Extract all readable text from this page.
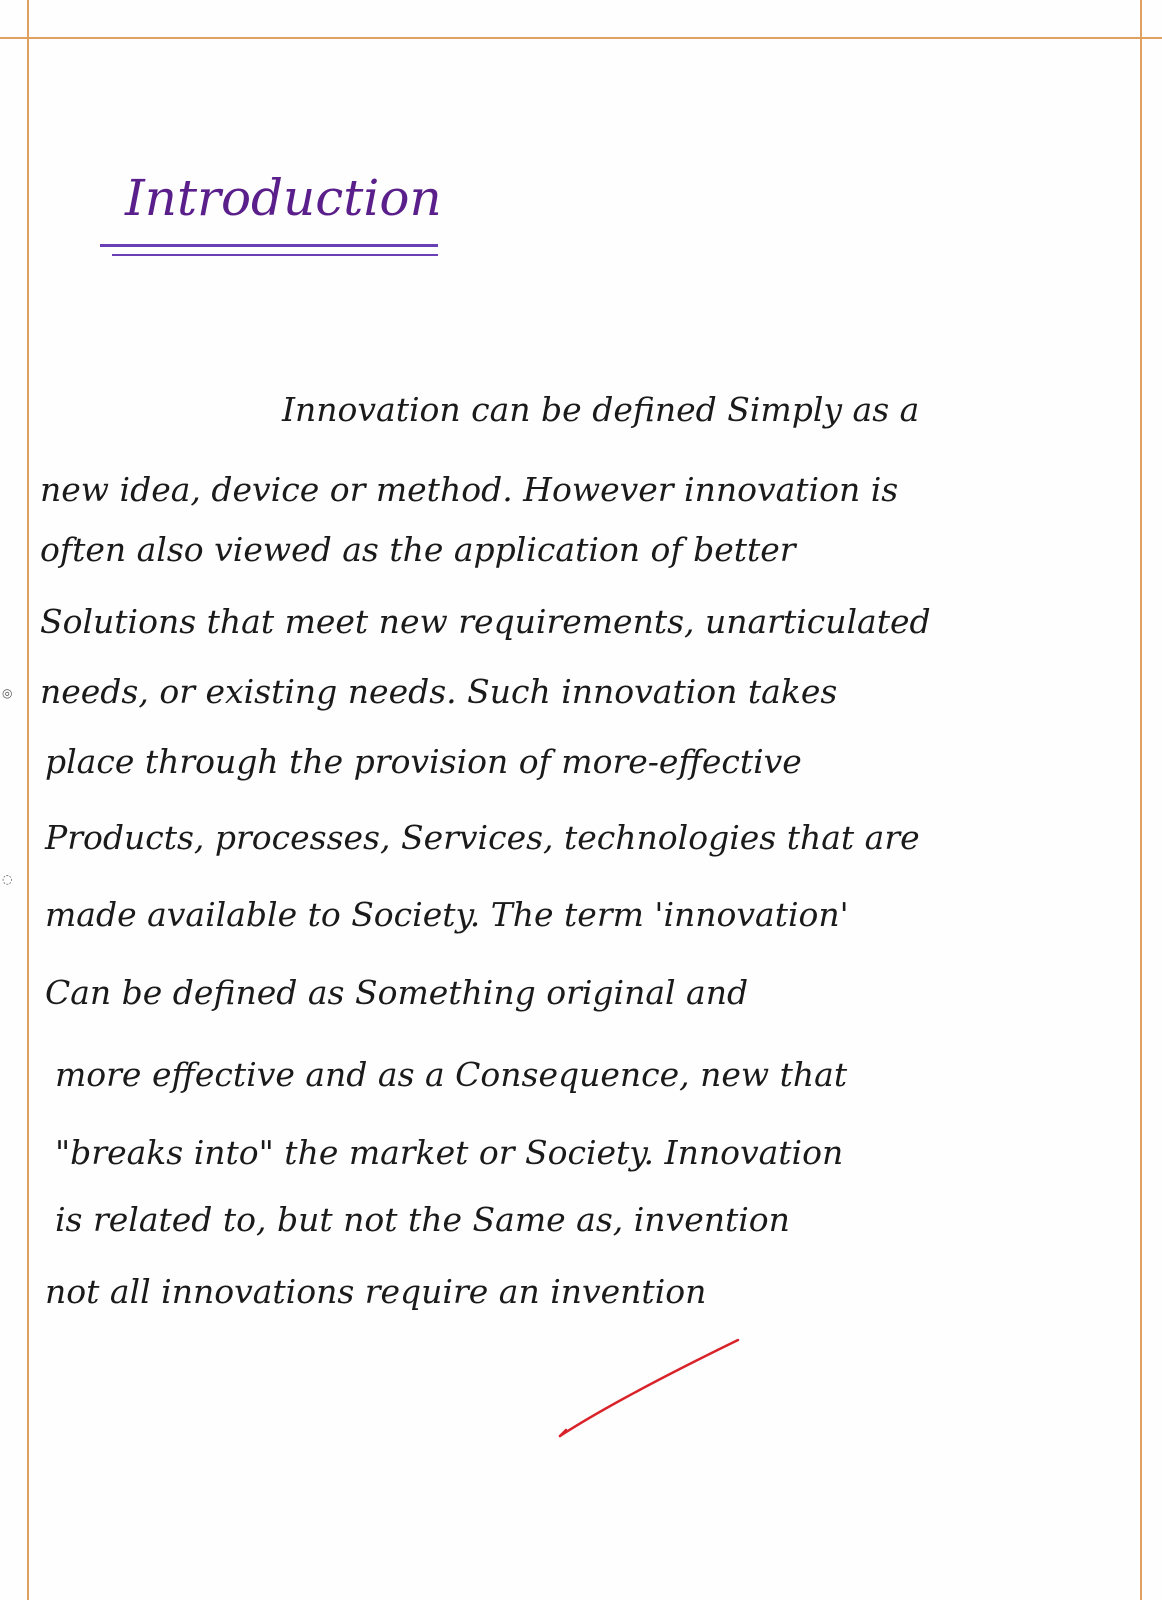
Introduction
Innovation can be defined Simply as a
new idea, device or method. However innovation is
often also viewed as the application of better
Solutions that meet new requirements, unarticulated
needs, or existing needs. Such innovation takes
place through the provision of more-effective
Products, processes, Services, technologies that are
made available to Society. The term 'innovation'
Can be defined as Something original and
more effective and as a Consequence, new that
"breaks into" the market or Society. Innovation
is related to, but not the Same as, invention
not all innovations require an invention
◎
◌
